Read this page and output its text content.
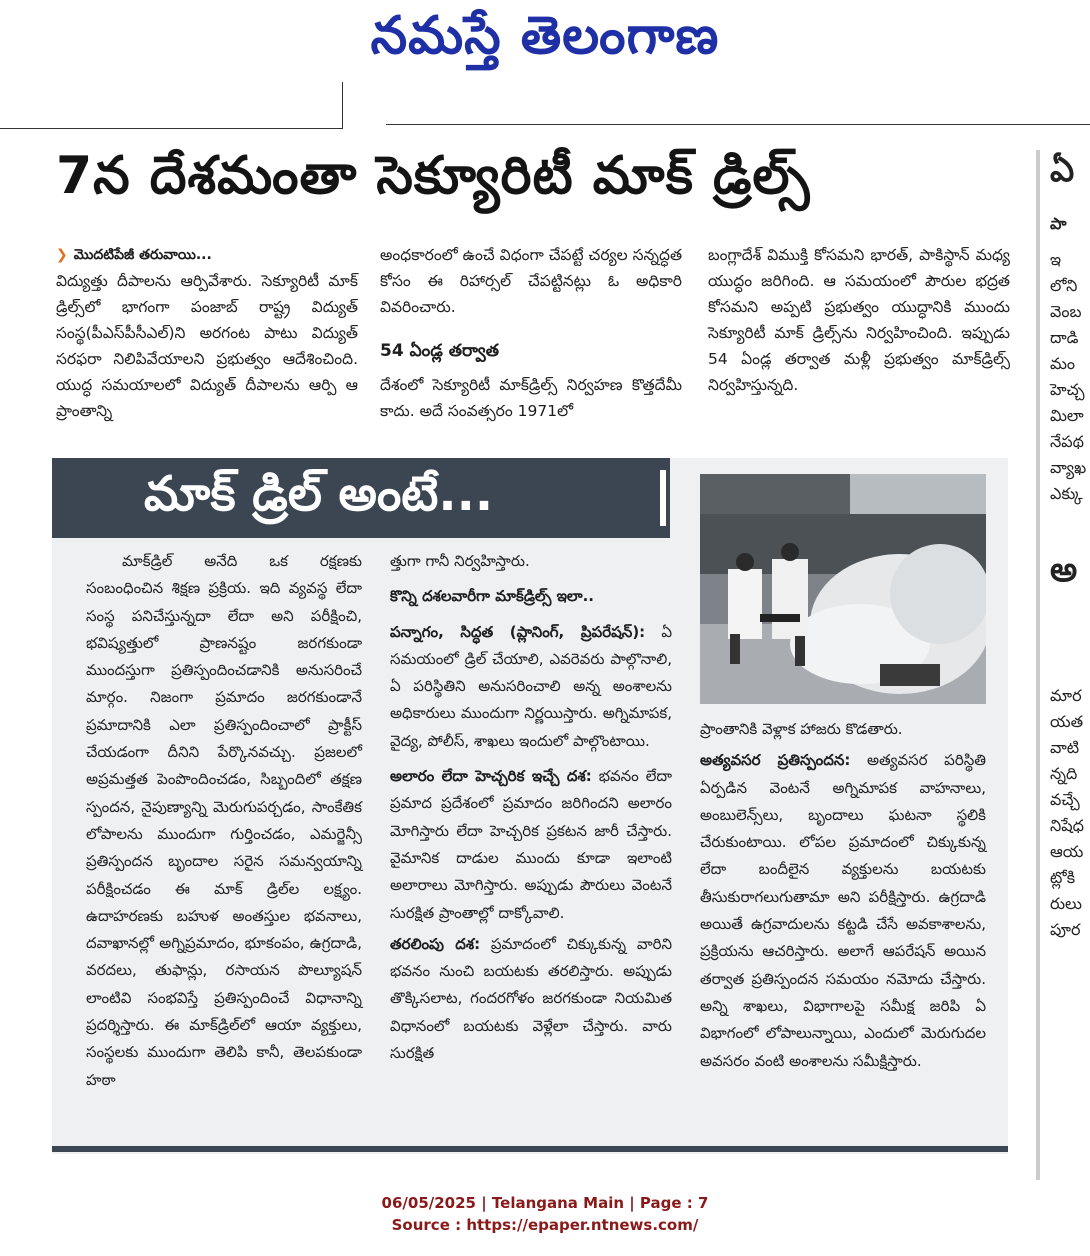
నమస్తే తెలంగాణ
7న దేశమంతా సెక్యూరిటీ మాక్‌ డ్రిల్స్‌

❯ మొదటిపేజీ తరువాయి...

విద్యుత్తు దీపాలను ఆర్పివేశారు. సెక్యూరిటీ మాక్‌ డ్రిల్స్‌లో భాగంగా పంజాబ్‌ రాష్ట్ర విద్యుత్‌ సంస్థ(పీఎస్‌పీసీఎల్‌)ని అరగంట పాటు విద్యుత్‌ సరఫరా నిలిపివేయాలని ప్రభుత్వం ఆదేశించింది. యుద్ధ సమయాలలో విద్యుత్‌ దీపాలను ఆర్పి ఆ ప్రాంతాన్ని

అంధకారంలో ఉంచే విధంగా చేపట్టే చర్యల సన్నద్ధత కోసం ఈ రిహార్సల్‌ చేపట్టినట్లు ఓ అధికారి వివరించారు.

54 ఏండ్ల తర్వాత

దేశంలో సెక్యూరిటీ మాక్‌డ్రిల్స్‌ నిర్వహణ కొత్తదేమీ కాదు. అదే సంవత్సరం 1971లో

బంగ్లాదేశ్‌ విముక్తి కోసమని భారత్‌, పాకిస్థాన్‌ మధ్య యుద్ధం జరిగింది. ఆ సమయంలో పౌరుల భద్రత కోసమని అప్పటి ప్రభుత్వం యుద్ధానికి ముందు సెక్యూరిటీ మాక్‌ డ్రిల్స్‌ను నిర్వహించింది. ఇప్పుడు 54 ఏండ్ల తర్వాత మళ్లీ ప్రభుత్వం మాక్‌డ్రిల్స్‌ నిర్వహిస్తున్నది.

మాక్‌ డ్రిల్‌ అంటే...

మాక్‌డ్రిల్‌ అనేది ఒక రక్షణకు సంబంధించిన శిక్షణ ప్రక్రియ. ఇది వ్యవస్థ లేదా సంస్థ పనిచేస్తున్నదా లేదా అని పరీక్షించి, భవిష్యత్తులో ప్రాణనష్టం జరగకుండా ముందస్తుగా ప్రతిస్పందించడానికి అనుసరించే మార్గం. నిజంగా ప్రమాదం జరగకుండానే ప్రమాదానికి ఎలా ప్రతిస్పందించాలో ప్రాక్టీస్‌ చేయడంగా దీనిని పేర్కొనవచ్చు. ప్రజలలో అప్రమత్తత పెంపొందించడం, సిబ్బందిలో తక్షణ స్పందన, నైపుణ్యాన్ని మెరుగుపర్చడం, సాంకేతిక లోపాలను ముందుగా గుర్తించడం, ఎమర్జెన్సీ ప్రతిస్పందన బృందాల సరైన సమన్వయాన్ని పరీక్షించడం ఈ మాక్‌ డ్రిల్‌ల లక్ష్యం. ఉదాహరణకు బహుళ అంతస్తుల భవనాలు, దవాఖానల్లో అగ్నిప్రమాదం, భూకంపం, ఉగ్రదాడి, వరదలు, తుఫాన్లు, రసాయన పొల్యూషన్‌ లాంటివి సంభవిస్తే ప్రతిస్పందించే విధానాన్ని ప్రదర్శిస్తారు. ఈ మాక్‌డ్రిల్‌లో ఆయా వ్యక్తులు, సంస్థలకు ముందుగా తెలిపి కానీ, తెలపకుండా హఠా

త్తుగా గానీ నిర్వహిస్తారు.

కొన్ని దశలవారీగా మాక్‌డ్రిల్స్‌ ఇలా..

పన్నాగం, సిద్ధత (ప్లానింగ్‌, ప్రిపరేషన్‌): ఏ సమయంలో డ్రిల్‌ చేయాలి, ఎవరెవరు పాల్గొనాలి, ఏ పరిస్థితిని అనుసరించాలి అన్న అంశాలను అధికారులు ముందుగా నిర్ణయిస్తారు. అగ్నిమాపక, వైద్య, పోలీస్‌, శాఖలు ఇందులో పాల్గొంటాయి.

అలారం లేదా హెచ్చరిక ఇచ్చే దశ: భవనం లేదా ప్రమాద ప్రదేశంలో ప్రమాదం జరిగిందని అలారం మోగిస్తారు లేదా హెచ్చరిక ప్రకటన జారీ చేస్తారు. వైమానిక దాడుల ముందు కూడా ఇలాంటి అలారాలు మోగిస్తారు. అప్పుడు పౌరులు వెంటనే సురక్షిత ప్రాంతాల్లో దాక్కోవాలి.

తరలింపు దశ: ప్రమాదంలో చిక్కుకున్న వారిని భవనం నుంచి బయటకు తరలిస్తారు. అప్పుడు తొక్కిసలాట, గందరగోళం జరగకుండా నియమిత విధానంలో బయటకు వెళ్లేలా చేస్తారు. వారు సురక్షిత

ప్రాంతానికి వెళ్లాక హాజరు కొడతారు.

అత్యవసర ప్రతిస్పందన: అత్యవసర పరిస్థితి ఏర్పడిన వెంటనే అగ్నిమాపక వాహనాలు, అంబులెన్స్‌లు, బృందాలు ఘటనా స్థలికి చేరుకుంటాయి. లోపల ప్రమాదంలో చిక్కుకున్న లేదా బందీలైన వ్యక్తులను బయటకు తీసుకురాగలుగుతామా అని పరీక్షిస్తారు. ఉగ్రదాడి అయితే ఉగ్రవాదులను కట్టడి చేసే అవకాశాలను, ప్రక్రియను ఆచరిస్తారు. అలాగే ఆపరేషన్‌ అయిన తర్వాత ప్రతిస్పందన సమయం నమోదు చేస్తారు. అన్ని శాఖలు, విభాగాలపై సమీక్ష జరిపి ఏ విభాగంలో లోపాలున్నాయి, ఎందులో మెరుగుదల అవసరం వంటి అంశాలను సమీక్షిస్తారు.

ఏ
పా
ఇ
లోని
వెంబ
దాడి
మం
హెచ్చ
మిలా
నేపథ
వ్యాఖ
ఎక్కు
అ
మార
యత
వాటి
న్నది
వచ్చే
నిషేధ
ఆయ
ట్లోకి
రులు
పూర
06/05/2025 | Telangana Main | Page : 7
Source : https://epaper.ntnews.com/
